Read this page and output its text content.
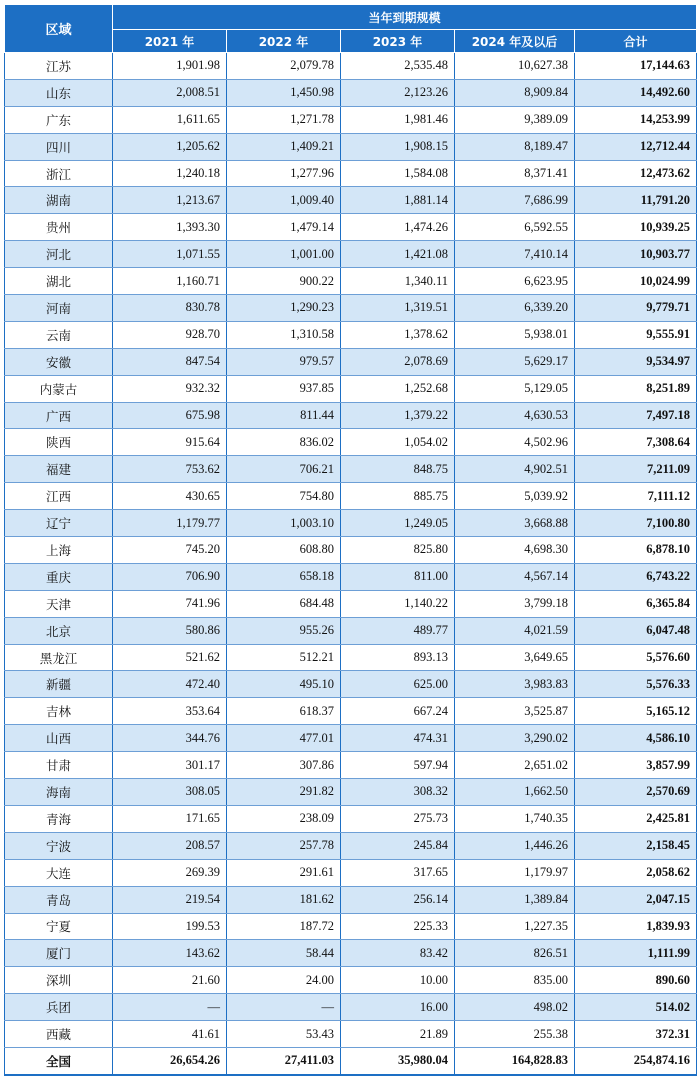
区域	当年到期规模				
	2021 年	2022 年	2023 年	2024 年及以后	合计
江苏	1,901.98	2,079.78	2,535.48	10,627.38	17,144.63
山东	2,008.51	1,450.98	2,123.26	8,909.84	14,492.60
广东	1,611.65	1,271.78	1,981.46	9,389.09	14,253.99
四川	1,205.62	1,409.21	1,908.15	8,189.47	12,712.44
浙江	1,240.18	1,277.96	1,584.08	8,371.41	12,473.62
湖南	1,213.67	1,009.40	1,881.14	7,686.99	11,791.20
贵州	1,393.30	1,479.14	1,474.26	6,592.55	10,939.25
河北	1,071.55	1,001.00	1,421.08	7,410.14	10,903.77
湖北	1,160.71	900.22	1,340.11	6,623.95	10,024.99
河南	830.78	1,290.23	1,319.51	6,339.20	9,779.71
云南	928.70	1,310.58	1,378.62	5,938.01	9,555.91
安徽	847.54	979.57	2,078.69	5,629.17	9,534.97
内蒙古	932.32	937.85	1,252.68	5,129.05	8,251.89
广西	675.98	811.44	1,379.22	4,630.53	7,497.18
陕西	915.64	836.02	1,054.02	4,502.96	7,308.64
福建	753.62	706.21	848.75	4,902.51	7,211.09
江西	430.65	754.80	885.75	5,039.92	7,111.12
辽宁	1,179.77	1,003.10	1,249.05	3,668.88	7,100.80
上海	745.20	608.80	825.80	4,698.30	6,878.10
重庆	706.90	658.18	811.00	4,567.14	6,743.22
天津	741.96	684.48	1,140.22	3,799.18	6,365.84
北京	580.86	955.26	489.77	4,021.59	6,047.48
黑龙江	521.62	512.21	893.13	3,649.65	5,576.60
新疆	472.40	495.10	625.00	3,983.83	5,576.33
吉林	353.64	618.37	667.24	3,525.87	5,165.12
山西	344.76	477.01	474.31	3,290.02	4,586.10
甘肃	301.17	307.86	597.94	2,651.02	3,857.99
海南	308.05	291.82	308.32	1,662.50	2,570.69
青海	171.65	238.09	275.73	1,740.35	2,425.81
宁波	208.57	257.78	245.84	1,446.26	2,158.45
大连	269.39	291.61	317.65	1,179.97	2,058.62
青岛	219.54	181.62	256.14	1,389.84	2,047.15
宁夏	199.53	187.72	225.33	1,227.35	1,839.93
厦门	143.62	58.44	83.42	826.51	1,111.99
深圳	21.60	24.00	10.00	835.00	890.60
兵团	—	—	16.00	498.02	514.02
西藏	41.61	53.43	21.89	255.38	372.31
全国	26,654.26	27,411.03	35,980.04	164,828.83	254,874.16
